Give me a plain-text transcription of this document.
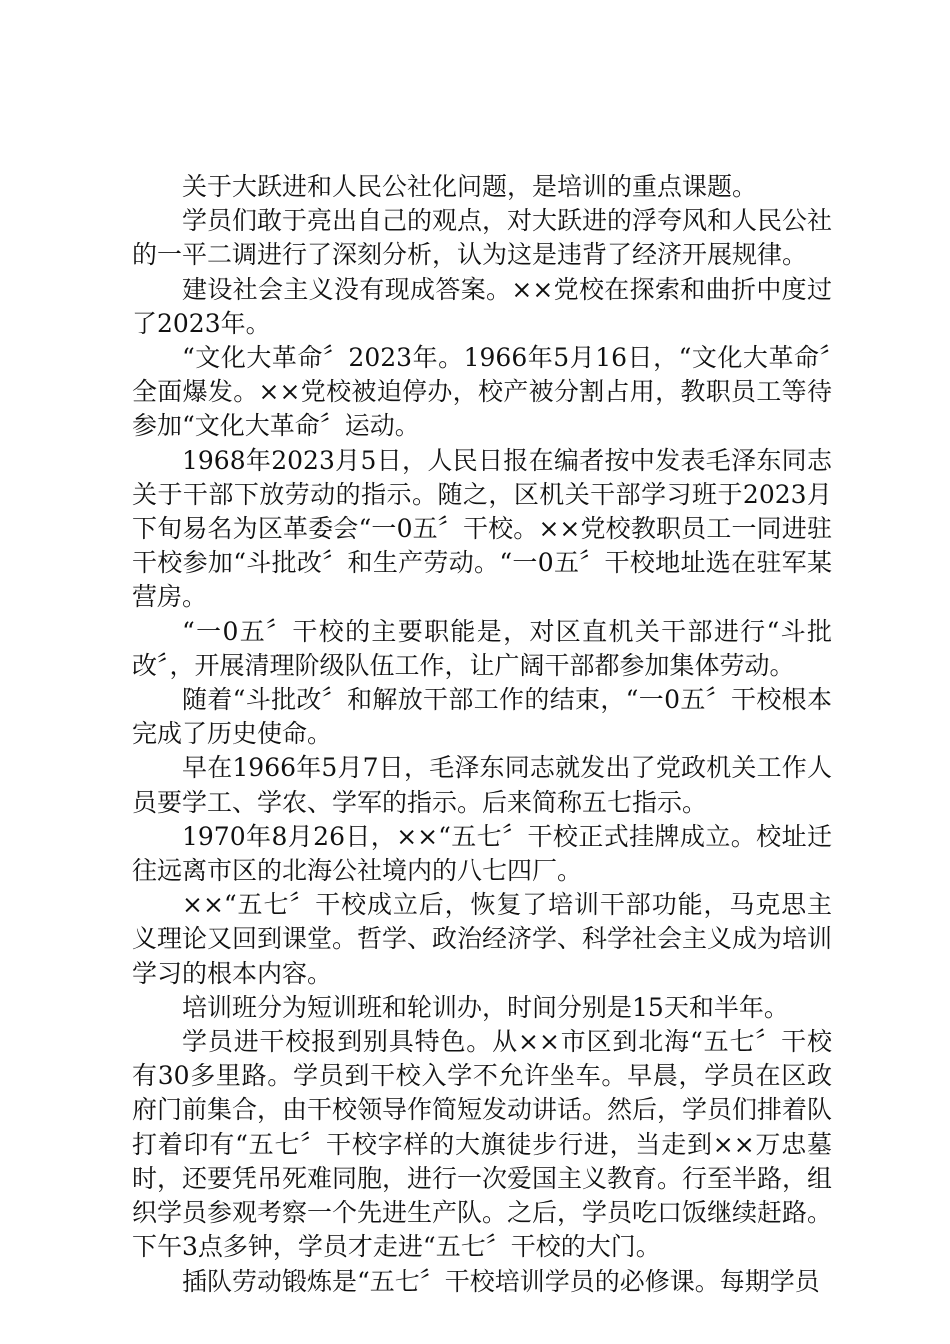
关于大跃进和人民公社化问题，是培训的重点课题。

学员们敢于亮出自己的观点，对大跃进的浮夸风和人民公社的一平二调进行了深刻分析，认为这是违背了经济开展规律。

建设社会主义没有现成答案。××党校在探索和曲折中度过了2023年。

“文化大革命〞2023年。1966年5月16日，“文化大革命〞全面爆发。××党校被迫停办，校产被分割占用，教职员工等待参加“文化大革命〞运动。

1968年2023月5日，人民日报在编者按中发表毛泽东同志关于干部下放劳动的指示。随之，区机关干部学习班于2023月下旬易名为区革委会“一0五〞干校。××党校教职员工一同进驻干校参加“斗批改〞和生产劳动。“一0五〞干校地址选在驻军某营房。

“一0五〞干校的主要职能是，对区直机关干部进行“斗批改〞，开展清理阶级队伍工作，让广阔干部都参加集体劳动。

随着“斗批改〞和解放干部工作的结束，“一0五〞干校根本完成了历史使命。

早在1966年5月7日，毛泽东同志就发出了党政机关工作人员要学工、学农、学军的指示。后来简称五七指示。

1970年8月26日，××“五七〞干校正式挂牌成立。校址迁往远离市区的北海公社境内的八七四厂。

××“五七〞干校成立后，恢复了培训干部功能，马克思主义理论又回到课堂。哲学、政治经济学、科学社会主义成为培训学习的根本内容。

培训班分为短训班和轮训办，时间分别是15天和半年。

学员进干校报到别具特色。从××市区到北海“五七〞干校有30多里路。学员到干校入学不允许坐车。早晨，学员在区政府门前集合，由干校领导作简短发动讲话。然后，学员们排着队打着印有“五七〞干校字样的大旗徒步行进，当走到××万忠墓时，还要凭吊死难同胞，进行一次爱国主义教育。行至半路，组织学员参观考察一个先进生产队。之后，学员吃口饭继续赶路。下午3点多钟，学员才走进“五七〞干校的大门。

插队劳动锻炼是“五七〞干校培训学员的必修课。每期学员
